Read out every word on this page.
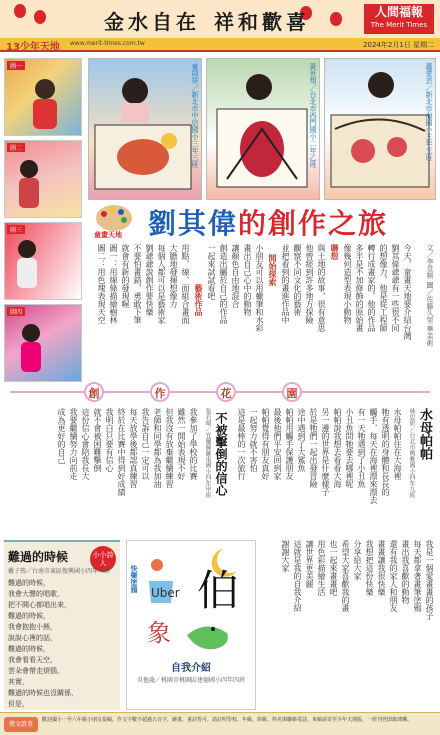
金水自在 祥和歡喜	人間福報
The Merit Times
13少年天地 www.merit-times.com.tw	2024年2月1日 星期二
圖一
圖二
圖三
圖四
童周祥／新北市中信國小三年三班	黃世翔／台北市西門國小二年乙班	蕭愛芸／新北市海國小三年三班
童畫天地 劉其偉的創作之旅
文／李昱棋 圖／佐藤久里 華美術
今天，童畫天地要介紹台灣
劉其偉爺爺有一些很不同
的想像力，他是從工程師
轉行成畫家的，他的作品
多半是不加修飾的原始畫
像幾何造型表現小動物
聯想
與土地的故事，很有意思
他曾經到許多地方探險
觀察不同文化的藝術
並把看到的畫進作品中
開始探索
小朋友可以用蠟筆和水彩
畫出自己心中的動物
讓顏色自由地混合
創造出屬於自己的作品
一起來試試看吧
藝術作品
用點、線、面組合畫面
大膽地發揮想像力
每個人都可以是藝術家
劉爺爺說創作要快樂
不要怕畫錯，勇敢下筆
就會有新的發現喔
圖一：用線條描繪樹林
圖二：用色塊表現天空
創	作	花	園
水母帕帕
林思妍／台北市興雅國小四年九班
水母帕帕住在大海裡
牠有透明的身體和長長的
觸手，每天在海裡漂來漂去
有一天牠遇到了小丑魚
小丑魚問牠要去哪裡呢
帕帕說我想去看看大海
另一邊的世界是什麼樣子
於是牠們一起出發冒險
途中遇到了大鯊魚
帕帕用觸手保護朋友
最後他們平安回到家
帕帕覺得有朋友真好
一起努力就不害怕
這是最棒的一次旅行
不被擊倒的信心
張若晴／宜蘭縣羅東國小四年甲班
我參加了學校的比賽
雖然一開始表現不好
但我沒有放棄繼續練習
老師和同學都為我加油
我告訴自己一定可以
每天放學後都認真練習
終於在比賽中得到好成績
我明白只要有信心
就不會被困難擊倒
這份信心會陪我長大
我要繼續努力向前走
成為更好的自己
難過的時候	小小詩人
戴子筠／台南市東區復興國小四年三班
難過的時候，
我會大聲的唱歌，
把不開心都唱出來，
難過的時候，
我會抱抱小熊，
說說心裡的話，
難過的時候，
我會看看天空，
雲朵會帶走煩惱，
其實，
難過的時候也沒關係，
但是，
快樂塗鴉 伯
Uber
象
自我介紹
吳他龍／桃園市桃園區建德國小四年四班
我是一個愛畫畫的孩子
每天都拿著畫筆塗鴉
畫出我喜歡的動物
還有我的家人和朋友
畫畫讓我很快樂
我想把這份快樂
分享給大家
希望大家喜歡我的畫
也一起來畫畫吧
用色彩描繪生活
讓世界更美麗
這就是我的自我介紹
謝謝大家
徵文啟事
歡迎國小一至六年級小朋友投稿，作文字數不超過五百字，繪畫、童詩皆可，請註明學校、年級、班級、姓名與聯絡電話，來稿請寄至少年天地版，一經刊登即致薄酬。
